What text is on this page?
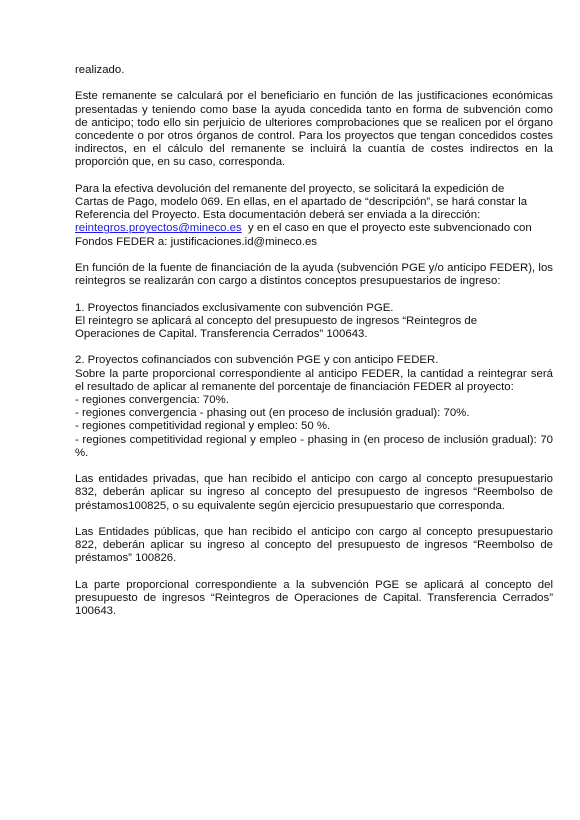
realizado.

Este remanente se calculará por el beneficiario en función de las justificaciones económicas presentadas y teniendo como base la ayuda concedida tanto en forma de subvención como de anticipo; todo ello sin perjuicio de ulteriores comprobaciones que se realicen por el órgano concedente o por otros órganos de control. Para los proyectos que tengan concedidos costes indirectos, en el cálculo del remanente se incluirá la cuantía de costes indirectos en la proporción que, en su caso, corresponda.

Para la efectiva devolución del remanente del proyecto, se solicitará la expedición de
Cartas de Pago, modelo 069. En ellas, en el apartado de “descripción”, se hará constar la
Referencia del Proyecto. Esta documentación deberá ser enviada a la dirección:
reintegros.proyectos@mineco.es  y en el caso en que el proyecto este subvencionado con
Fondos FEDER a: justificaciones.id@mineco.es

En función de la fuente de financiación de la ayuda (subvención PGE y/o anticipo FEDER), los reintegros se realizarán con cargo a distintos conceptos presupuestarios de ingreso:

1. Proyectos financiados exclusivamente con subvención PGE.
El reintegro se aplicará al concepto del presupuesto de ingresos “Reintegros de
Operaciones de Capital. Transferencia Cerrados” 100643.

2. Proyectos cofinanciados con subvención PGE y con anticipo FEDER.
Sobre la parte proporcional correspondiente al anticipo FEDER, la cantidad a reintegrar será el resultado de aplicar al remanente del porcentaje de financiación FEDER al proyecto:
- regiones convergencia: 70%.
- regiones convergencia - phasing out (en proceso de inclusión gradual): 70%.
- regiones competitividad regional y empleo: 50 %.
- regiones competitividad regional y empleo - phasing in (en proceso de inclusión gradual): 70 %.

Las entidades privadas, que han recibido el anticipo con cargo al concepto presupuestario 832, deberán aplicar su ingreso al concepto del presupuesto de ingresos “Reembolso de préstamos100825, o su equivalente según ejercicio presupuestario que corresponda.

Las Entidades públicas, que han recibido el anticipo con cargo al concepto presupuestario 822, deberán aplicar su ingreso al concepto del presupuesto de ingresos “Reembolso de préstamos” 100826.

La parte proporcional correspondiente a la subvención PGE se aplicará al concepto del presupuesto de ingresos “Reintegros de Operaciones de Capital. Transferencia Cerrados” 100643.
